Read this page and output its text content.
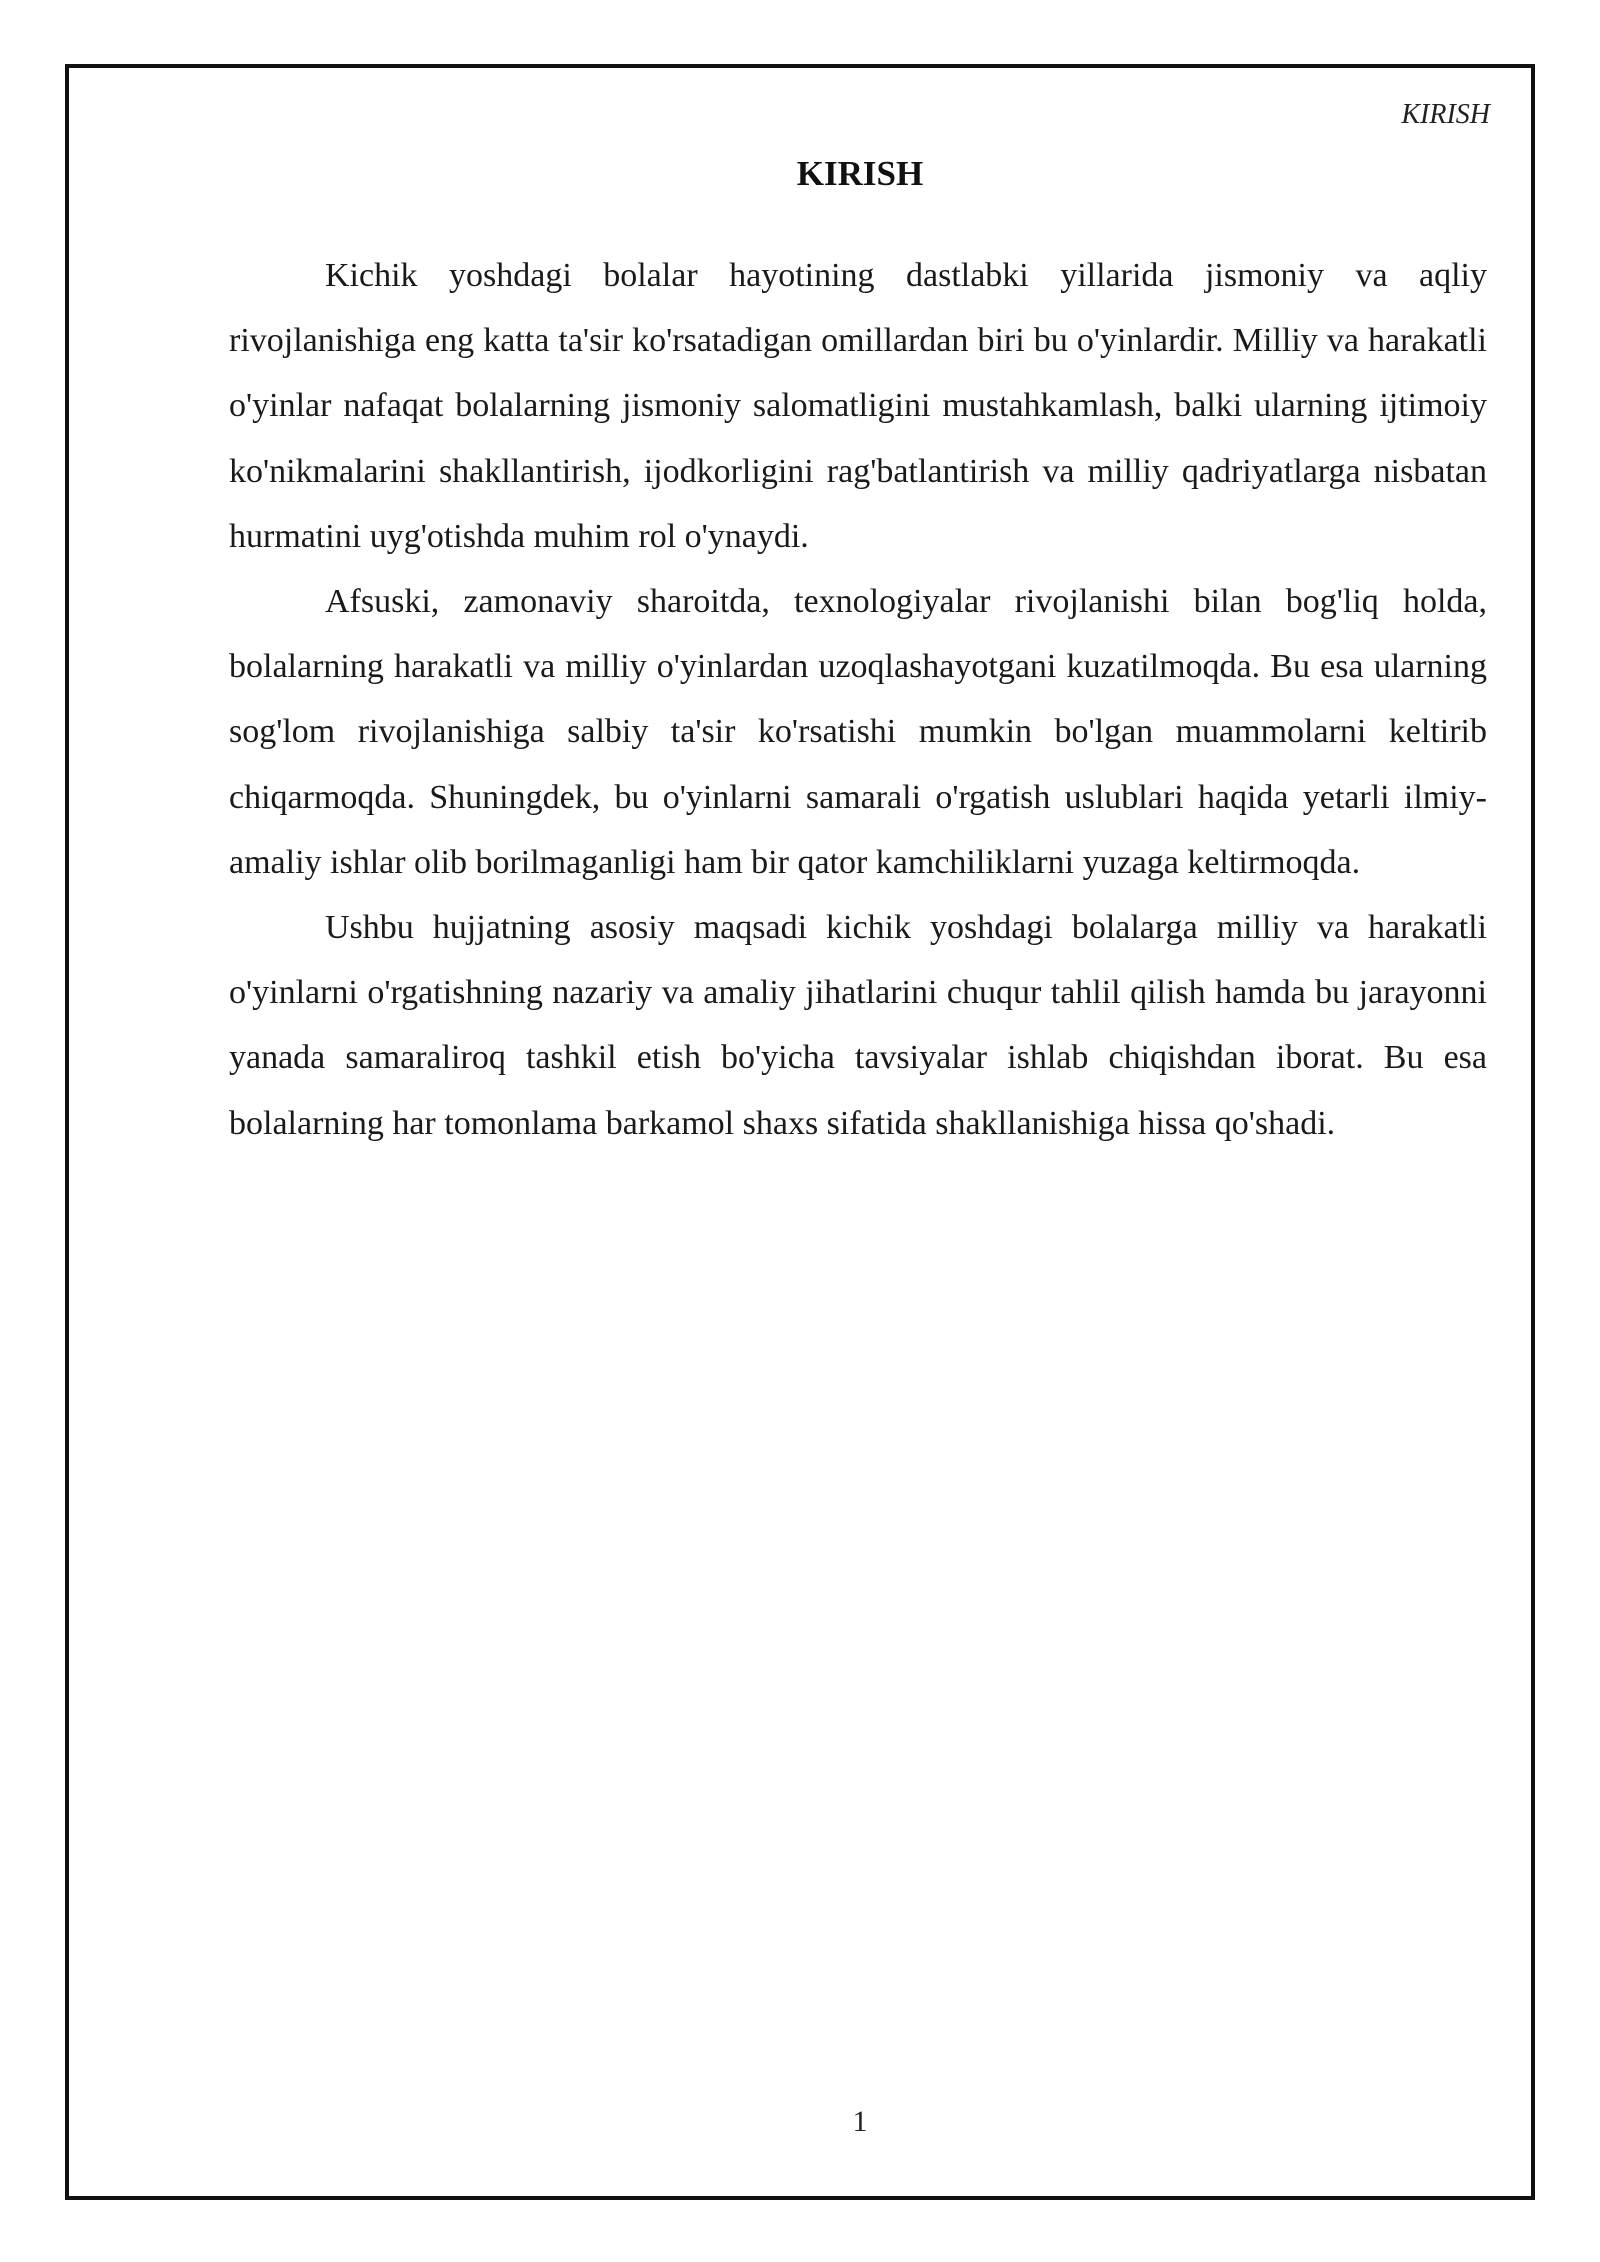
KIRISH
KIRISH

Kichik yoshdagi bolalar hayotining dastlabki yillarida jismoniy va aqliy rivojlanishiga eng katta ta'sir ko'rsatadigan omillardan biri bu o'yinlardir. Milliy va harakatli o'yinlar nafaqat bolalarning jismoniy salomatligini mustahkamlash, balki ularning ijtimoiy ko'nikmalarini shakllantirish, ijodkorligini rag'batlantirish va milliy qadriyatlarga nisbatan hurmatini uyg'otishda muhim rol o'ynaydi.

Afsuski, zamonaviy sharoitda, texnologiyalar rivojlanishi bilan bog'liq holda, bolalarning harakatli va milliy o'yinlardan uzoqlashayotgani kuzatilmoqda. Bu esa ularning sog'lom rivojlanishiga salbiy ta'sir ko'rsatishi mumkin bo'lgan muammolarni keltirib chiqarmoqda. Shuningdek, bu o'yinlarni samarali o'rgatish uslublari haqida yetarli ilmiy-amaliy ishlar olib borilmaganligi ham bir qator kamchiliklarni yuzaga keltirmoqda.

Ushbu hujjatning asosiy maqsadi kichik yoshdagi bolalarga milliy va harakatli o'yinlarni o'rgatishning nazariy va amaliy jihatlarini chuqur tahlil qilish hamda bu jarayonni yanada samaraliroq tashkil etish bo'yicha tavsiyalar ishlab chiqishdan iborat. Bu esa bolalarning har tomonlama barkamol shaxs sifatida shakllanishiga hissa qo'shadi.

1
